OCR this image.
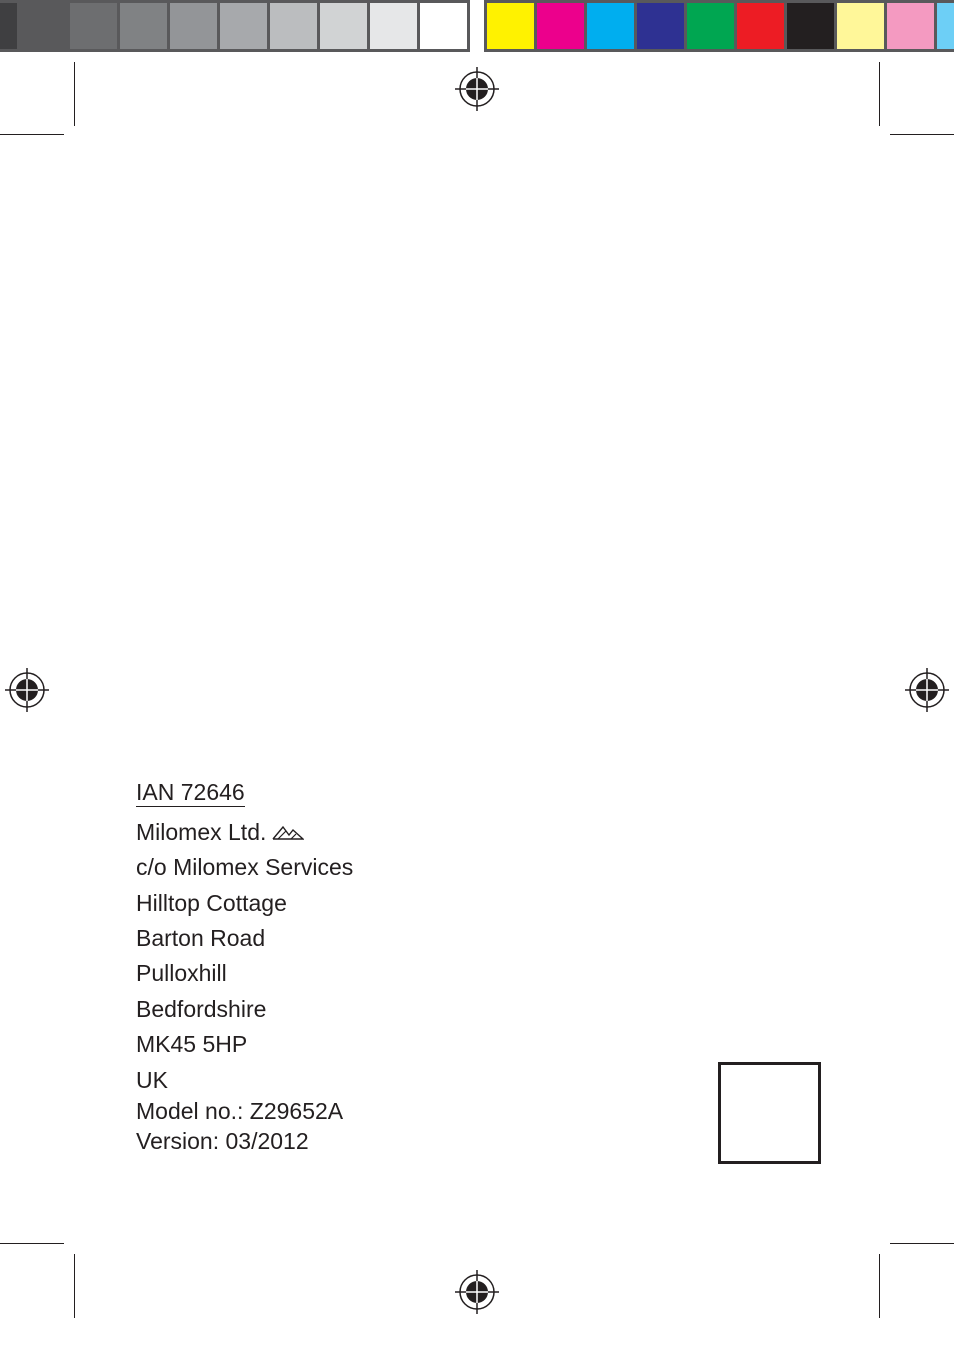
IAN 72646
Milomex Ltd.
c/o Milomex Services
Hilltop Cottage
Barton Road
Pulloxhill
Bedfordshire
MK45 5HP
UK
Model no.: Z29652A
Version: 03/2012
